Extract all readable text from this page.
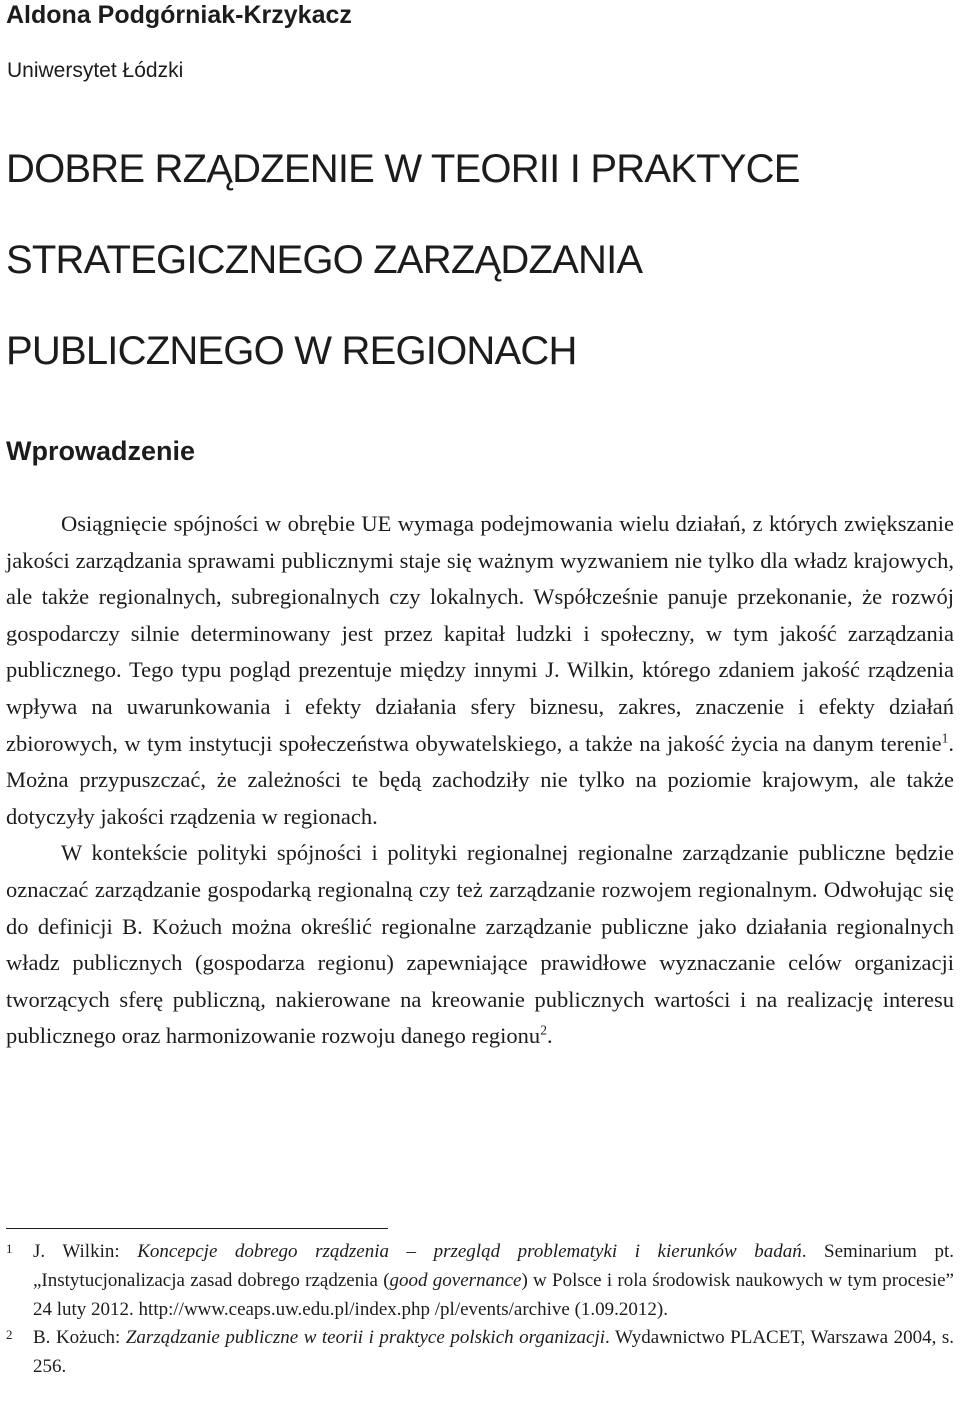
Aldona Podgórniak-Krzykacz
Uniwersytet Łódzki
DOBRE RZĄDZENIE W TEORII I PRAKTYCE
STRATEGICZNEGO ZARZĄDZANIA
PUBLICZNEGO W REGIONACH
Wprowadzenie

Osiągnięcie spójności w obrębie UE wymaga podejmowania wielu działań, z których zwiększanie jakości zarządzania sprawami publicznymi staje się ważnym wyzwaniem nie tylko dla władz krajowych, ale także regionalnych, subregionalnych czy lokalnych. Współcześnie panuje przekonanie, że rozwój gospodarczy silnie determinowany jest przez kapitał ludzki i społeczny, w tym jakość zarządzania publicznego. Tego typu pogląd prezentuje między innymi J. Wilkin, którego zdaniem jakość rządzenia wpływa na uwarunkowania i efekty działania sfery biznesu, zakres, znaczenie i efekty działań zbiorowych, w tym instytucji społeczeństwa obywatelskiego, a także na jakość życia na danym terenie$^1$. Można przypuszczać, że zależności te będą zachodziły nie tylko na poziomie krajowym, ale także dotyczyły jakości rządzenia w regionach.

W kontekście polityki spójności i polityki regionalnej regionalne zarządzanie publiczne będzie oznaczać zarządzanie gospodarką regionalną czy też zarządzanie rozwojem regionalnym. Odwołując się do definicji B. Kożuch można określić regionalne zarządzanie publiczne jako działania regionalnych władz publicznych (gospodarza regionu) zapewniające prawidłowe wyznaczanie celów organizacji tworzących sferę publiczną, nakierowane na kreowanie publicznych wartości i na realizację interesu publicznego oraz harmonizowanie rozwoju danego regionu$^2$.

1 J. Wilkin: Koncepcje dobrego rządzenia – przegląd problematyki i kierunków badań. Seminarium pt. „Instytucjonalizacja zasad dobrego rządzenia (good governance) w Polsce i rola środowisk naukowych w tym procesie” 24 luty 2012. http://www.ceaps.uw.edu.pl/index.php /pl/events/archive (1.09.2012).
2 B. Kożuch: Zarządzanie publiczne w teorii i praktyce polskich organizacji. Wydawnictwo PLACET, Warszawa 2004, s. 256.
